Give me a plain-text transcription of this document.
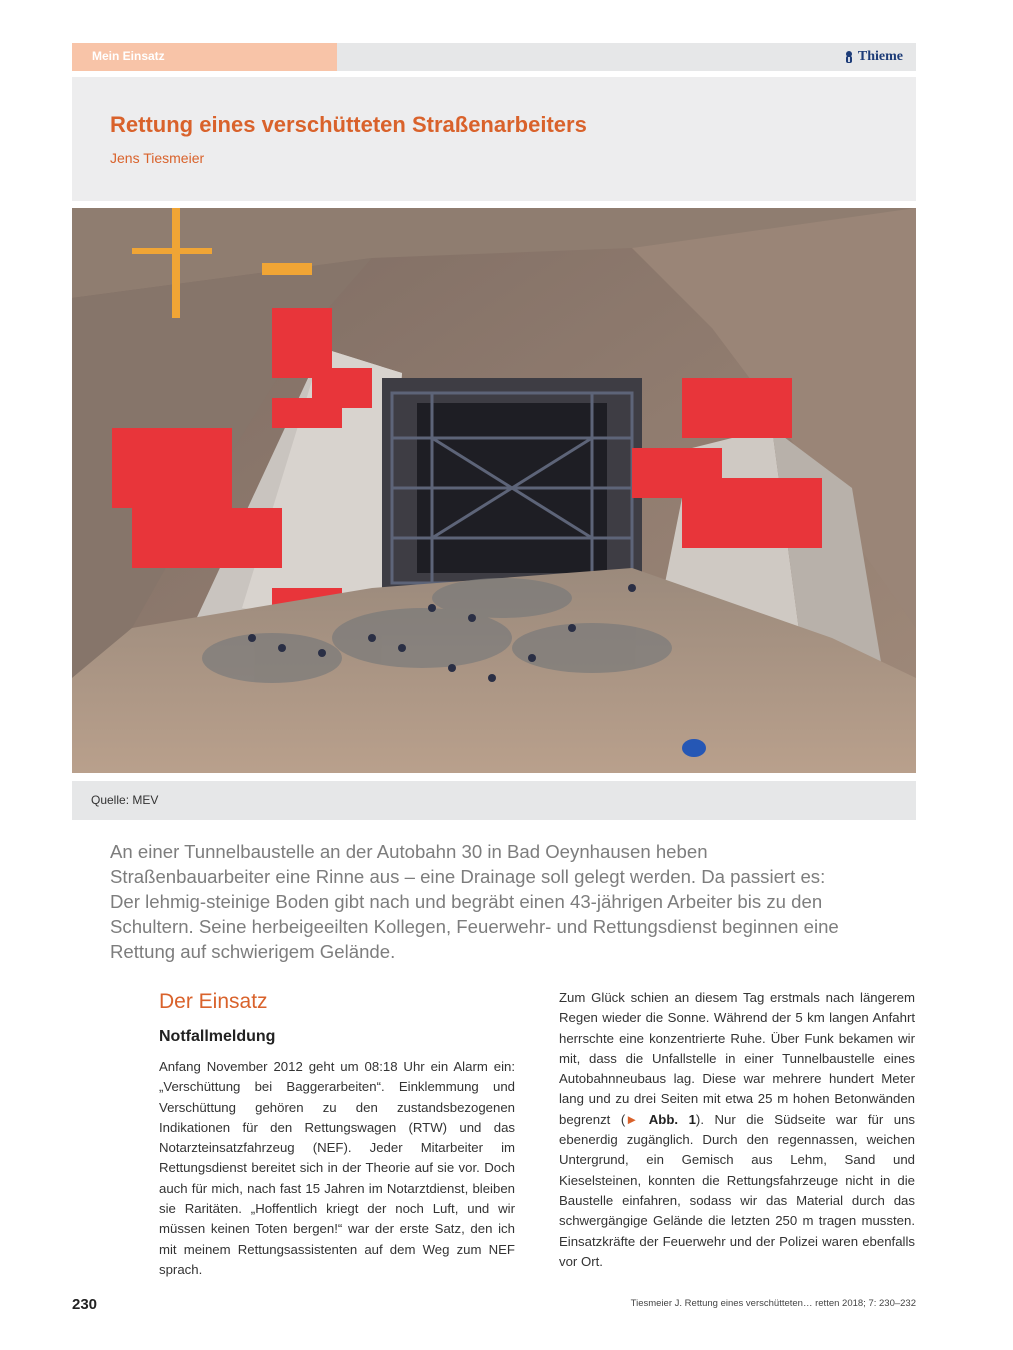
Mein Einsatz	Thieme
Rettung eines verschütteten Straßenarbeiters
Jens Tiesmeier
Quelle: MEV

An einer Tunnelbaustelle an der Autobahn 30 in Bad Oeynhausen heben Straßenbauarbeiter eine Rinne aus – eine Drainage soll gelegt werden. Da passiert es: Der lehmig-steinige Boden gibt nach und begräbt einen 43-jährigen Arbeiter bis zu den Schultern. Seine herbeigeeilten Kollegen, Feuerwehr- und Rettungsdienst beginnen eine Rettung auf schwierigem Gelände.

Der Einsatz
Notfallmeldung

Anfang November 2012 geht um 08:18 Uhr ein Alarm ein: „Verschüttung bei Baggerarbeiten“. Einklemmung und Verschüttung gehören zu den zustandsbezogenen Indikationen für den Rettungswagen (RTW) und das Notarzteinsatzfahrzeug (NEF). Jeder Mitarbeiter im Rettungsdienst bereitet sich in der Theorie auf sie vor. Doch auch für mich, nach fast 15 Jahren im Notarztdienst, bleiben sie Raritäten. „Hoffentlich kriegt der noch Luft, und wir müssen keinen Toten bergen!“ war der erste Satz, den ich mit meinem Rettungsassistenten auf dem Weg zum NEF sprach.

Zum Glück schien an diesem Tag erstmals nach längerem Regen wieder die Sonne. Während der 5 km langen Anfahrt herrschte eine konzentrierte Ruhe. Über Funk bekamen wir mit, dass die Unfallstelle in einer Tunnelbaustelle eines Autobahnneubaus lag. Diese war mehrere hundert Meter lang und zu drei Seiten mit etwa 25 m hohen Betonwänden begrenzt (► Abb. 1). Nur die Südseite war für uns ebenerdig zugänglich. Durch den regennassen, weichen Untergrund, ein Gemisch aus Lehm, Sand und Kieselsteinen, konnten die Rettungsfahrzeuge nicht in die Baustelle einfahren, sodass wir das Material durch das schwergängige Gelände die letzten 250 m tragen mussten. Einsatzkräfte der Feuerwehr und der Polizei waren ebenfalls vor Ort.

230	Tiesmeier J. Rettung eines verschütteten… retten 2018; 7: 230–232
